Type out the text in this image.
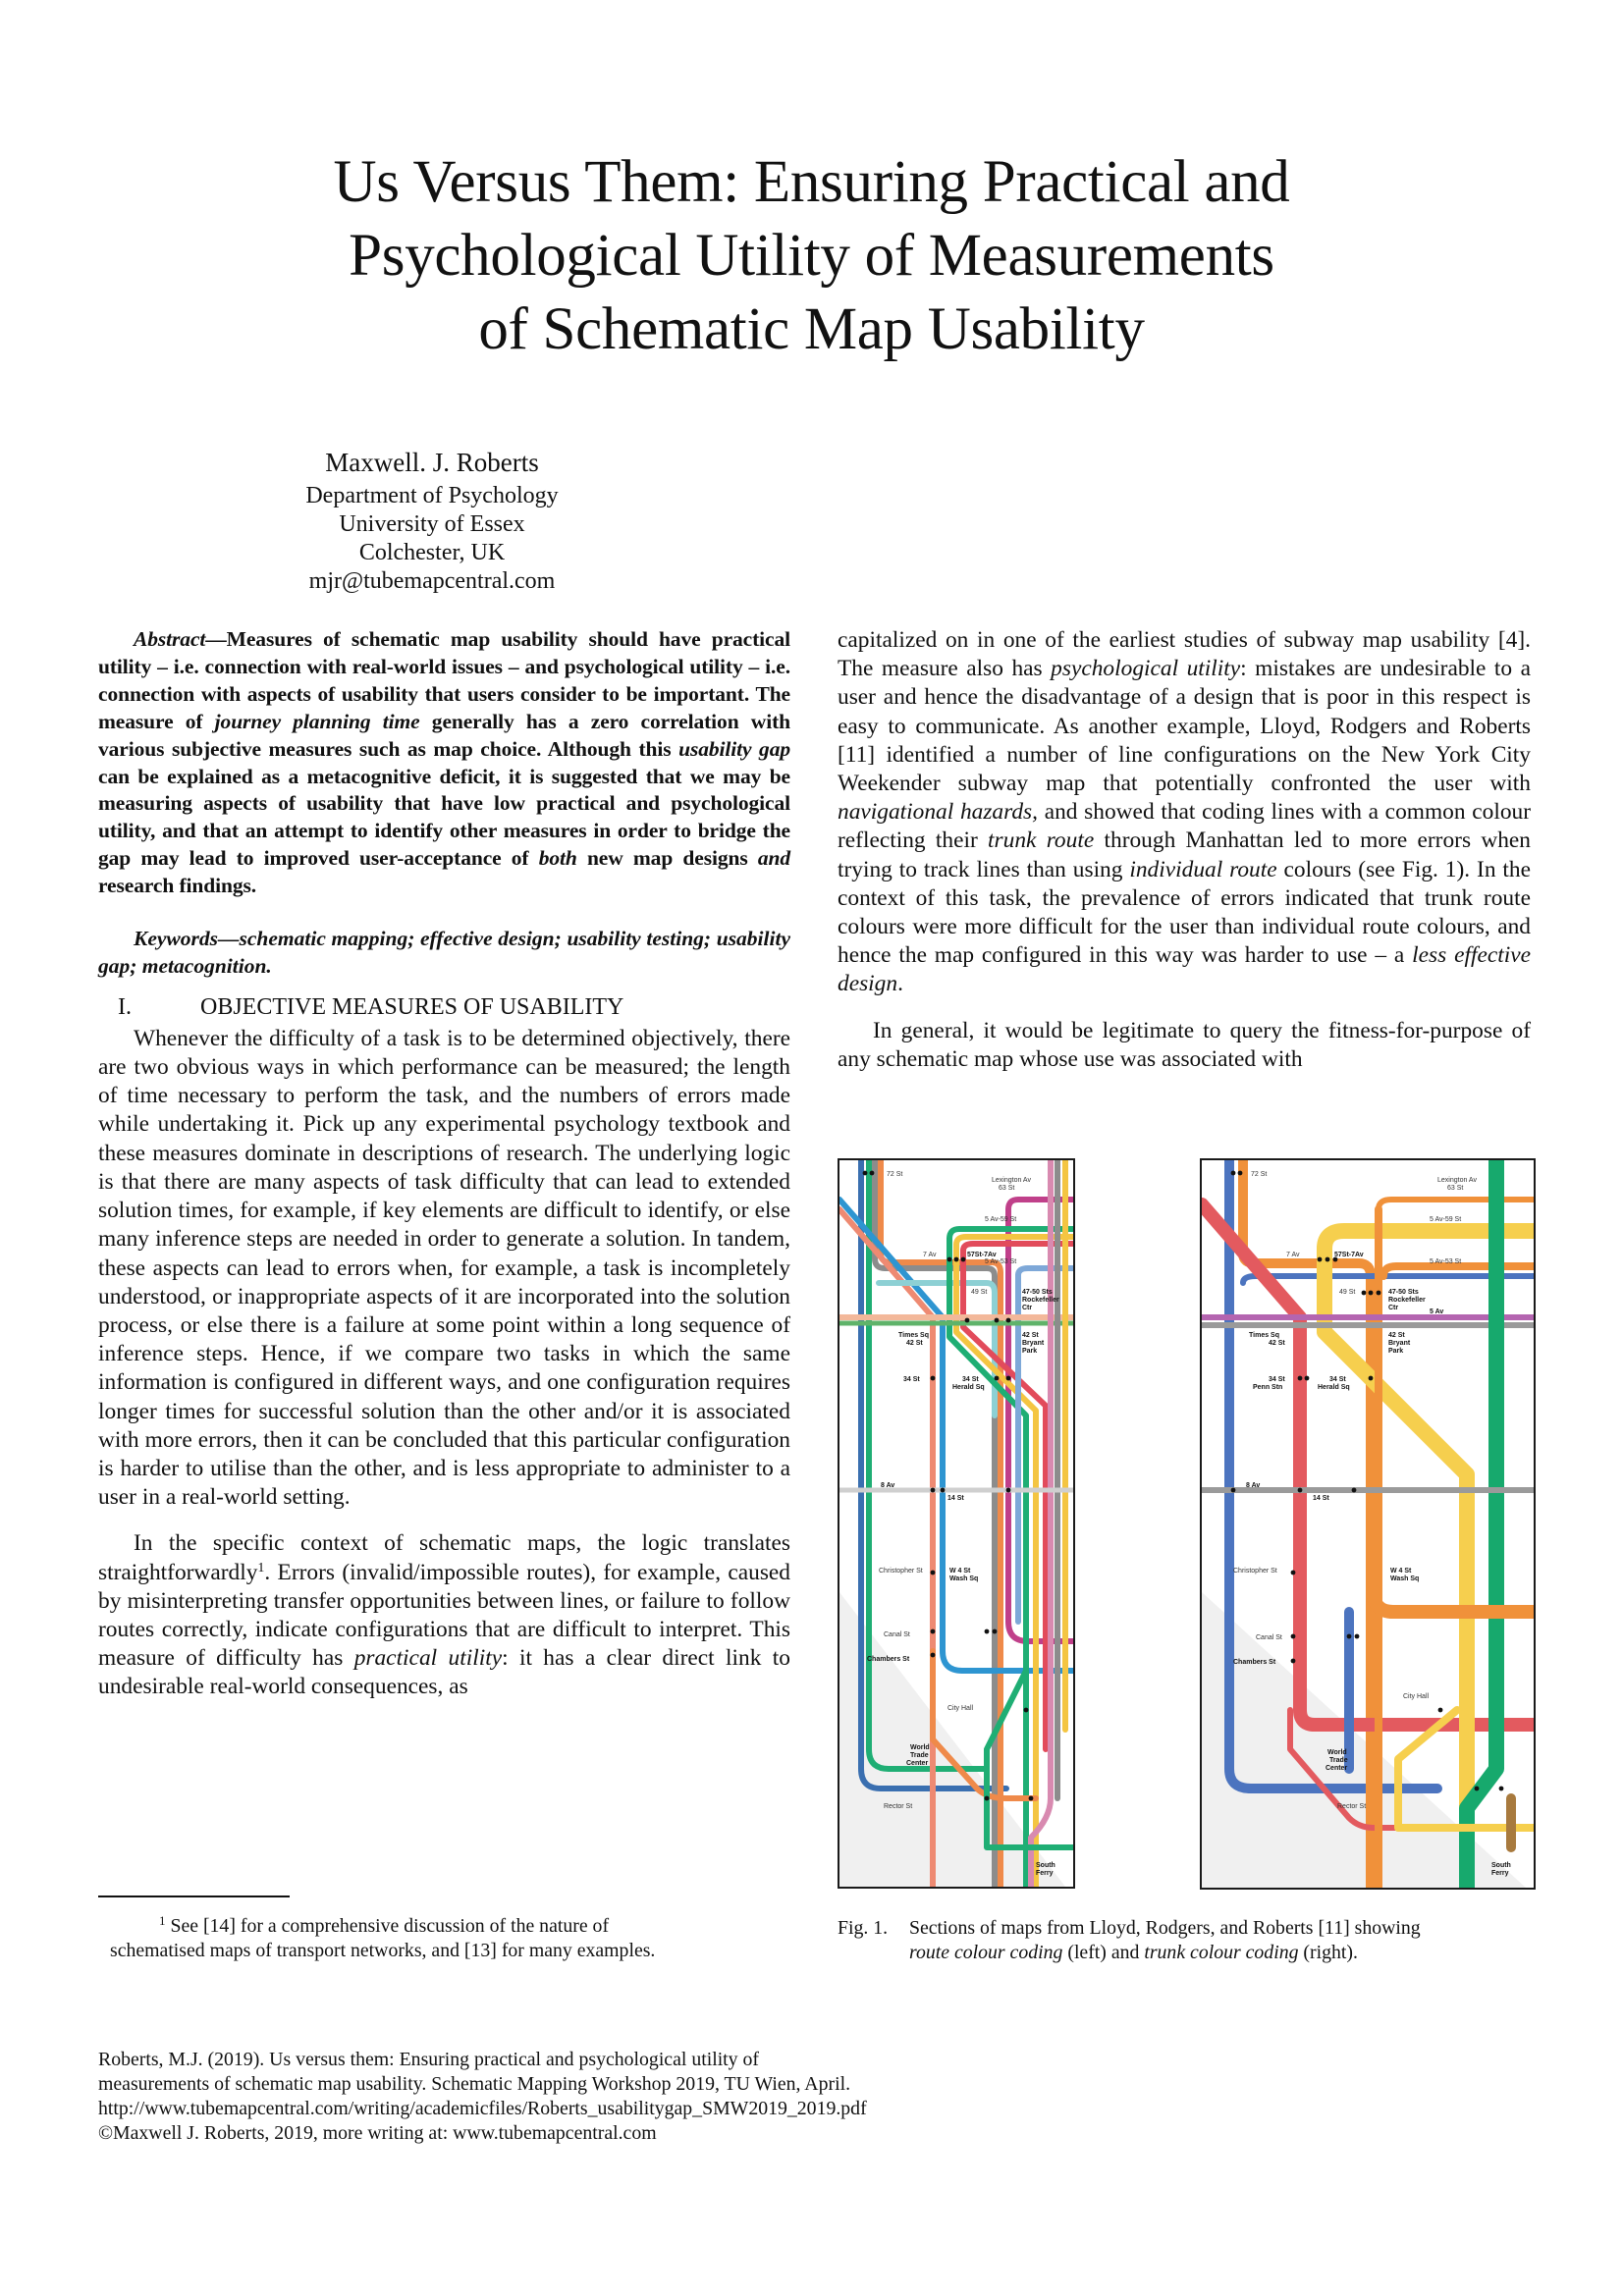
Us Versus Them: Ensuring Practical and
Psychological Utility of Measurements
of Schematic Map Usability
Maxwell. J. Roberts
Department of Psychology
University of Essex
Colchester, UK
mjr@tubemapcentral.com

Abstract—Measures of schematic map usability should have practical utility – i.e. connection with real-world issues – and psychological utility – i.e. connection with aspects of usability that users consider to be important. The measure of journey planning time generally has a zero correlation with various subjective measures such as map choice. Although this usability gap can be explained as a metacognitive deficit, it is suggested that we may be measuring aspects of usability that have low practical and psychological utility, and that an attempt to identify other measures in order to bridge the gap may lead to improved user-acceptance of both new map designs and research findings.

Keywords—schematic mapping; effective design; usability testing; usability gap; metacognition.

I.	OBJECTIVE MEASURES OF USABILITY

Whenever the difficulty of a task is to be determined objectively, there are two obvious ways in which performance can be measured; the length of time necessary to perform the task, and the numbers of errors made while undertaking it. Pick up any experimental psychology textbook and these measures dominate in descriptions of research. The underlying logic is that there are many aspects of task difficulty that can lead to extended solution times, for example, if key elements are difficult to identify, or else many inference steps are needed in order to generate a solution. In tandem, these aspects can lead to errors when, for example, a task is incompletely understood, or inappropriate aspects of it are incorporated into the solution process, or else there is a failure at some point within a long sequence of inference steps. Hence, if we compare two tasks in which the same information is configured in different ways, and one configuration requires longer times for successful solution than the other and/or it is associated with more errors, then it can be concluded that this particular configuration is harder to utilise than the other, and is less appropriate to administer to a user in a real-world setting.

In the specific context of schematic maps, the logic translates straightforwardly$^1$. Errors (invalid/impossible routes), for example, caused by misinterpreting transfer opportunities between lines, or failure to follow routes correctly, indicate configurations that are difficult to interpret. This measure of difficulty has practical utility: it has a clear direct link to undesirable real-world consequences, as

$^1$ See [14] for a comprehensive discussion of the nature of
schematised maps of transport networks, and [13] for many examples.

capitalized on in one of the earliest studies of subway map usability [4]. The measure also has psychological utility: mistakes are undesirable to a user and hence the disadvantage of a design that is poor in this respect is easy to communicate. As another example, Lloyd, Rodgers and Roberts [11] identified a number of line configurations on the New York City Weekender subway map that potentially confronted the user with navigational hazards, and showed that coding lines with a common colour reflecting their trunk route through Manhattan led to more errors when trying to track lines than using individual route colours (see Fig. 1). In the context of this task, the prevalence of errors indicated that trunk route colours were more difficult for the user than individual route colours, and hence the map configured in this way was harder to use – a less effective design.

In general, it would be legitimate to query the fitness-for-purpose of any schematic map whose use was associated with

72 St
Lexington Av
63 St
5 Av-59 St
7 Av	57St-7Av
5 Av-53 St
49 St	47-50 Sts
Rockefeller
Ctr
Times Sq
42 St
42 St
Bryant
Park
34 St	34 St
Herald Sq
8 Av
14 St
Christopher St	W 4 St
Wash Sq
Canal St
Chambers St
City Hall
World
Trade
Center
Rector St
South
Ferry
72 St
Lexington Av
63 St
5 Av-59 St
7 Av	57St-7Av
5 Av-53 St
49 St	47-50 Sts
Rockefeller
Ctr
5 Av
Times Sq
42 St
42 St
Bryant
Park
34 St
Penn Stn
34 St
Herald Sq
8 Av
14 St
Christopher St	W 4 St
Wash Sq
Canal St
Chambers St
City Hall
World
Trade
Center
Rector St
South
Ferry
Fig. 1. Sections of maps from Lloyd, Rodgers, and Roberts [11] showing
route colour coding (left) and trunk colour coding (right).
Roberts, M.J. (2019). Us versus them: Ensuring practical and psychological utility of
measurements of schematic map usability. Schematic Mapping Workshop 2019, TU Wien, April.
http://www.tubemapcentral.com/writing/academicfiles/Roberts_usabilitygap_SMW2019_2019.pdf
©Maxwell J. Roberts, 2019, more writing at: www.tubemapcentral.com
